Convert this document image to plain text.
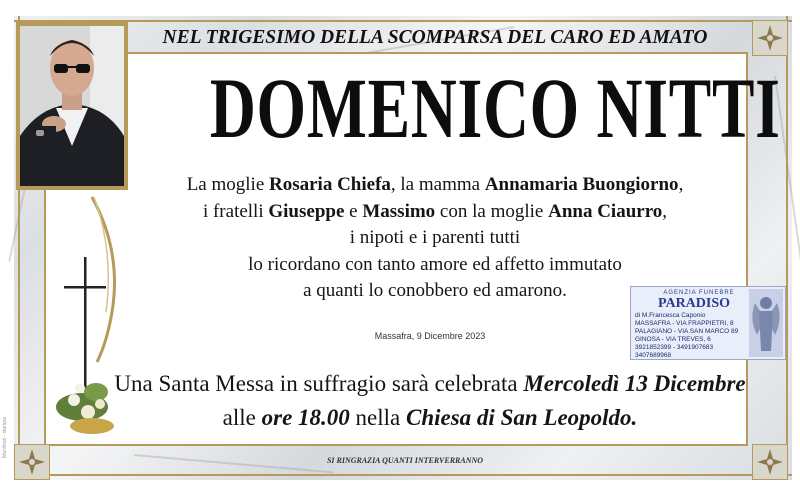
NEL TRIGESIMO DELLA SCOMPARSA DEL CARO ED AMATO
DOMENICO NITTI
La moglie Rosaria Chiefa, la mamma Annamaria Buongiorno,
i fratelli Giuseppe e Massimo con la moglie Anna Ciaurro,
i nipoti e i parenti tutti
lo ricordano con tanto amore ed affetto immutato
a quanti lo conobbero ed amarono.
Massafra, 9 Dicembre 2023
Una Santa Messa in suffragio sarà celebrata Mercoledì 13 Dicembre
alle ore 18.00 nella Chiesa di San Leopoldo.
SI RINGRAZIA QUANTI INTERVERRANNO
AGENZIA FUNEBRE
PARADISO
di M.Francesca Caponio
MASSAFRA - VIA FRAPPIETRI, 8
PALAGIANO - VIA SAN MARCO 89
GINOSA - VIA TREVES, 6
3921852399 - 3491907683
3407689968
Manifesti - stampa
